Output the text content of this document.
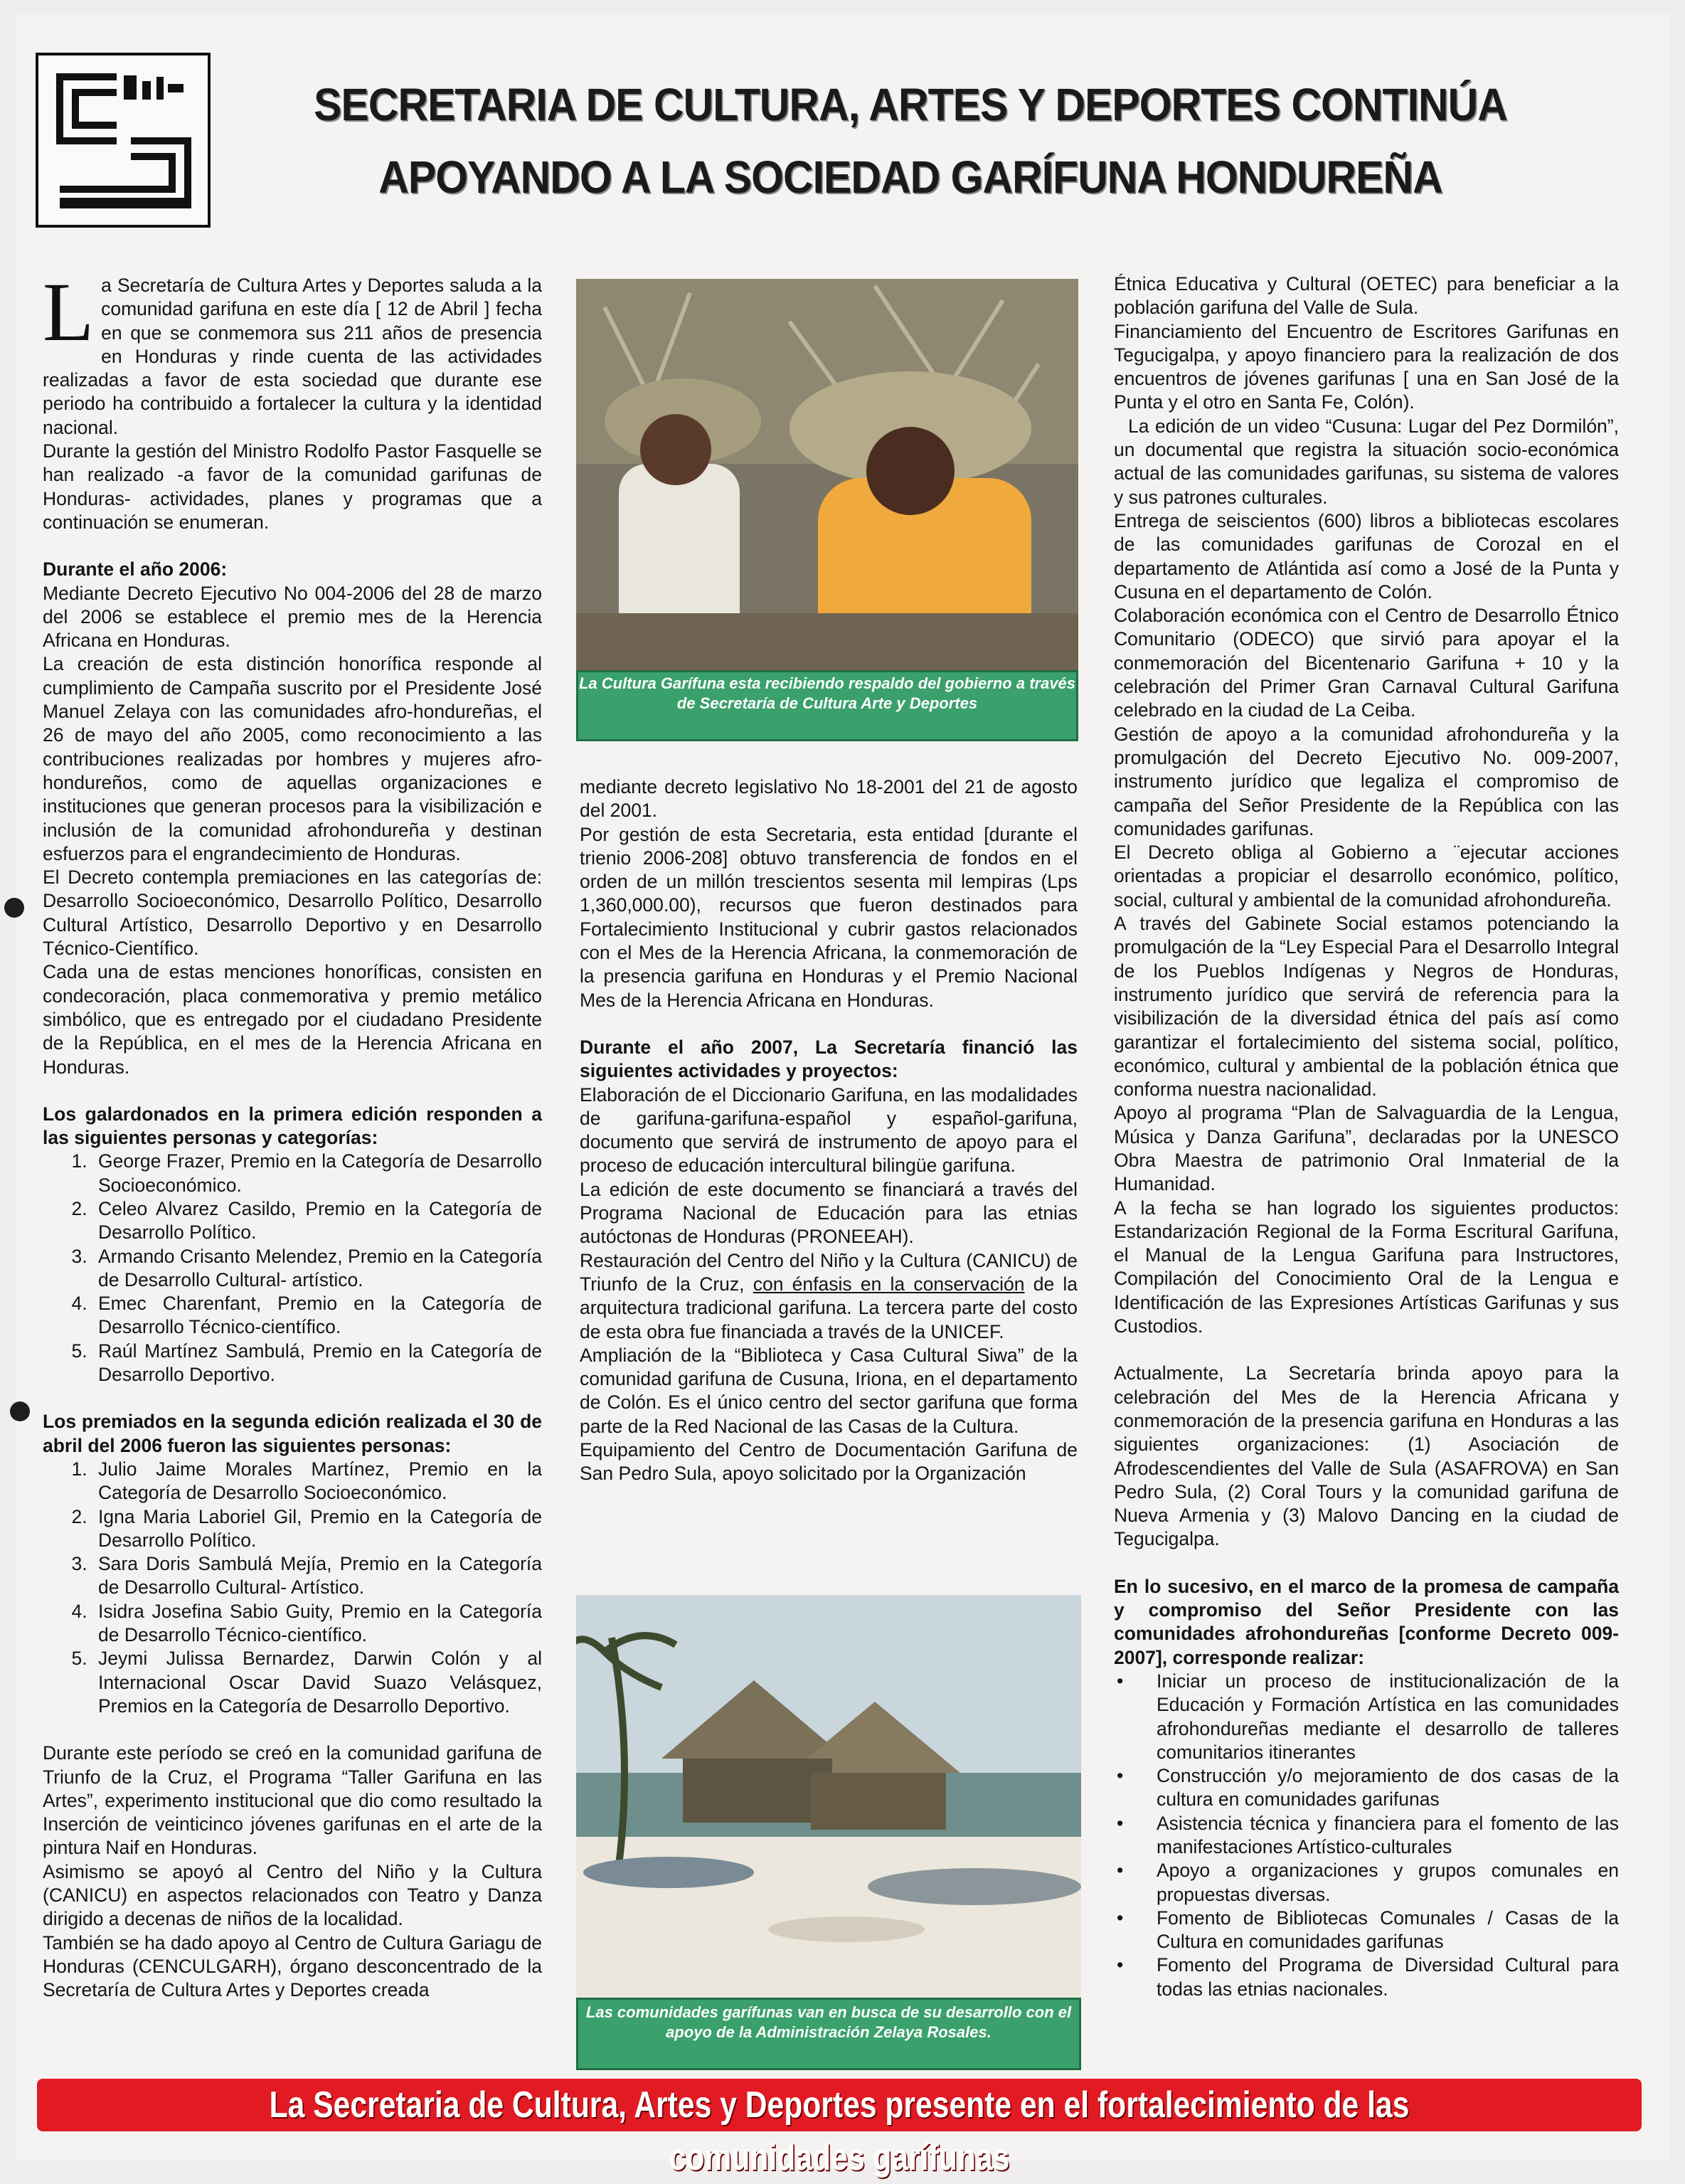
SECRETARIA DE CULTURA, ARTES Y DEPORTES CONTINÚA
APOYANDO A LA SOCIEDAD GARÍFUNA HONDUREÑA

La Secretaría de Cultura Artes y Deportes saluda a la comunidad garifuna en este día [ 12 de Abril ] fecha en que se conmemora sus 211 años de presencia en Honduras y rinde cuenta de las actividades realizadas a favor de esta sociedad que durante ese periodo ha contribuido a fortalecer la cultura y la identidad nacional.

Durante la gestión del Ministro Rodolfo Pastor Fasquelle se han realizado -a favor de la comunidad garifunas de Honduras- actividades, planes y programas que a continuación se enumeran.

Durante el año 2006:

Mediante Decreto Ejecutivo No 004-2006 del 28 de marzo del 2006 se establece el premio mes de la Herencia Africana en Honduras.

La creación de esta distinción honorífica responde al cumplimiento de Campaña suscrito por el Presidente José Manuel Zelaya con las comunidades afro-hondureñas, el 26 de mayo del año 2005, como reconocimiento a las contribuciones realizadas por hombres y mujeres afro-hondureños, como de aquellas organizaciones e instituciones que generan procesos para la visibilización e inclusión de la comunidad afrohondureña y destinan esfuerzos para el engrandecimiento de Honduras.

El Decreto contempla premiaciones en las categorías de: Desarrollo Socioeconómico, Desarrollo Político, Desarrollo Cultural Artístico, Desarrollo Deportivo y en Desarrollo Técnico-Científico.

Cada una de estas menciones honoríficas, consisten en condecoración, placa conmemorativa y premio metálico simbólico, que es entregado por el ciudadano Presidente de la República, en el mes de la Herencia Africana en Honduras.

Los galardonados en la primera edición responden a las siguientes personas y categorías:

1. George Frazer, Premio en la Categoría de Desarrollo Socioeconómico.
2. Celeo Alvarez Casildo, Premio en la Categoría de Desarrollo Político.
3. Armando Crisanto Melendez, Premio en la Categoría de Desarrollo Cultural- artístico.
4. Emec Charenfant, Premio en la Categoría de Desarrollo Técnico-científico.
5. Raúl Martínez Sambulá, Premio en la Categoría de Desarrollo Deportivo.

Los premiados en la segunda edición realizada el 30 de abril del 2006 fueron las siguientes personas:

1. Julio Jaime Morales Martínez, Premio en la Categoría de Desarrollo Socioeconómico.
2. Igna Maria Laboriel Gil, Premio en la Categoría de Desarrollo Político.
3. Sara Doris Sambulá Mejía, Premio en la Categoría de Desarrollo Cultural- Artístico.
4. Isidra Josefina Sabio Guity, Premio en la Categoría de Desarrollo Técnico-científico.
5. Jeymi Julissa Bernardez, Darwin Colón y al Internacional Oscar David Suazo Velásquez, Premios en la Categoría de Desarrollo Deportivo.

Durante este período se creó en la comunidad garifuna de Triunfo de la Cruz, el Programa “Taller Garifuna en las Artes”, experimento institucional que dio como resultado la Inserción de veinticinco jóvenes garifunas en el arte de la pintura Naif en Honduras.

Asimismo se apoyó al Centro del Niño y la Cultura (CANICU) en aspectos relacionados con Teatro y Danza dirigido a decenas de niños de la localidad.

También se ha dado apoyo al Centro de Cultura Gariagu de Honduras (CENCULGARH), órgano desconcentrado de la Secretaría de Cultura Artes y Deportes creada

La Cultura Garífuna esta recibiendo respaldo del gobierno a través de Secretaría de Cultura Arte y Deportes

mediante decreto legislativo No 18-2001 del 21 de agosto del 2001.

Por gestión de esta Secretaria, esta entidad [durante el trienio 2006-208] obtuvo transferencia de fondos en el orden de un millón trescientos sesenta mil lempiras (Lps 1,360,000.00), recursos que fueron destinados para Fortalecimiento Institucional y cubrir gastos relacionados con el Mes de la Herencia Africana, la conmemoración de la presencia garifuna en Honduras y el Premio Nacional Mes de la Herencia Africana en Honduras.

Durante el año 2007, La Secretaría financió las siguientes actividades y proyectos:

Elaboración de el Diccionario Garifuna, en las modalidades de garifuna-garifuna-español y español-garifuna, documento que servirá de instrumento de apoyo para el proceso de educación intercultural bilingüe garifuna.

La edición de este documento se financiará a través del Programa Nacional de Educación para las etnias autóctonas de Honduras (PRONEEAH).

Restauración del Centro del Niño y la Cultura (CANICU) de Triunfo de la Cruz, con énfasis en la conservación de la arquitectura tradicional garifuna. La tercera parte del costo de esta obra fue financiada a través de la UNICEF.

Ampliación de la “Biblioteca y Casa Cultural Siwa” de la comunidad garifuna de Cusuna, Iriona, en el departamento de Colón. Es el único centro del sector garifuna que forma parte de la Red Nacional de las Casas de la Cultura.

Equipamiento del Centro de Documentación Garifuna de San Pedro Sula, apoyo solicitado por la Organización

Las comunidades garífunas van en busca de su desarrollo con el apoyo de la Administración Zelaya Rosales.

Étnica Educativa y Cultural (OETEC) para beneficiar a la población garifuna del Valle de Sula.

Financiamiento del Encuentro de Escritores Garifunas en Tegucigalpa, y apoyo financiero para la realización de dos encuentros de jóvenes garifunas [ una en San José de la Punta y el otro en Santa Fe, Colón).

La edición de un video “Cusuna: Lugar del Pez Dormilón”, un documental que registra la situación socio-económica actual de las comunidades garifunas, su sistema de valores y sus patrones culturales.

Entrega de seiscientos (600) libros a bibliotecas escolares de las comunidades garifunas de Corozal en el departamento de Atlántida así como a José de la Punta y Cusuna en el departamento de Colón.

Colaboración económica con el Centro de Desarrollo Étnico Comunitario (ODECO) que sirvió para apoyar el la conmemoración del Bicentenario Garifuna + 10 y la celebración del Primer Gran Carnaval Cultural Garifuna celebrado en la ciudad de La Ceiba.

Gestión de apoyo a la comunidad afrohondureña y la promulgación del Decreto Ejecutivo No. 009-2007, instrumento jurídico que legaliza el compromiso de campaña del Señor Presidente de la República con las comunidades garifunas.

El Decreto obliga al Gobierno a ¨ejecutar acciones orientadas a propiciar el desarrollo económico, político, social, cultural y ambiental de la comunidad afrohondureña.

A través del Gabinete Social estamos potenciando la promulgación de la “Ley Especial Para el Desarrollo Integral de los Pueblos Indígenas y Negros de Honduras, instrumento jurídico que servirá de referencia para la visibilización de la diversidad étnica del país así como garantizar el fortalecimiento del sistema social, político, económico, cultural y ambiental de la población étnica que conforma nuestra nacionalidad.

Apoyo al programa “Plan de Salvaguardia de la Lengua, Música y Danza Garifuna”, declaradas por la UNESCO Obra Maestra de patrimonio Oral Inmaterial de la Humanidad.

A la fecha se han logrado los siguientes productos: Estandarización Regional de la Forma Escritural Garifuna, el Manual de la Lengua Garifuna para Instructores, Compilación del Conocimiento Oral de la Lengua e Identificación de las Expresiones Artísticas Garifunas y sus Custodios.

Actualmente, La Secretaría brinda apoyo para la celebración del Mes de la Herencia Africana y conmemoración de la presencia garifuna en Honduras a las siguientes organizaciones: (1) Asociación de Afrodescendientes del Valle de Sula (ASAFROVA) en San Pedro Sula, (2) Coral Tours y la comunidad garifuna de Nueva Armenia y (3) Malovo Dancing en la ciudad de Tegucigalpa.

En lo sucesivo, en el marco de la promesa de campaña y compromiso del Señor Presidente con las comunidades afrohondureñas [conforme Decreto 009-2007], corresponde realizar:

• Iniciar un proceso de institucionalización de la Educación y Formación Artística en las comunidades afrohondureñas mediante el desarrollo de talleres comunitarios itinerantes
• Construcción y/o mejoramiento de dos casas de la cultura en comunidades garifunas
• Asistencia técnica y financiera para el fomento de las manifestaciones Artístico-culturales
• Apoyo a organizaciones y grupos comunales en propuestas diversas.
• Fomento de Bibliotecas Comunales / Casas de la Cultura en comunidades garifunas
• Fomento del Programa de Diversidad Cultural para todas las etnias nacionales.
La Secretaria de Cultura, Artes y Deportes presente en el fortalecimiento de las comunidades garífunas
